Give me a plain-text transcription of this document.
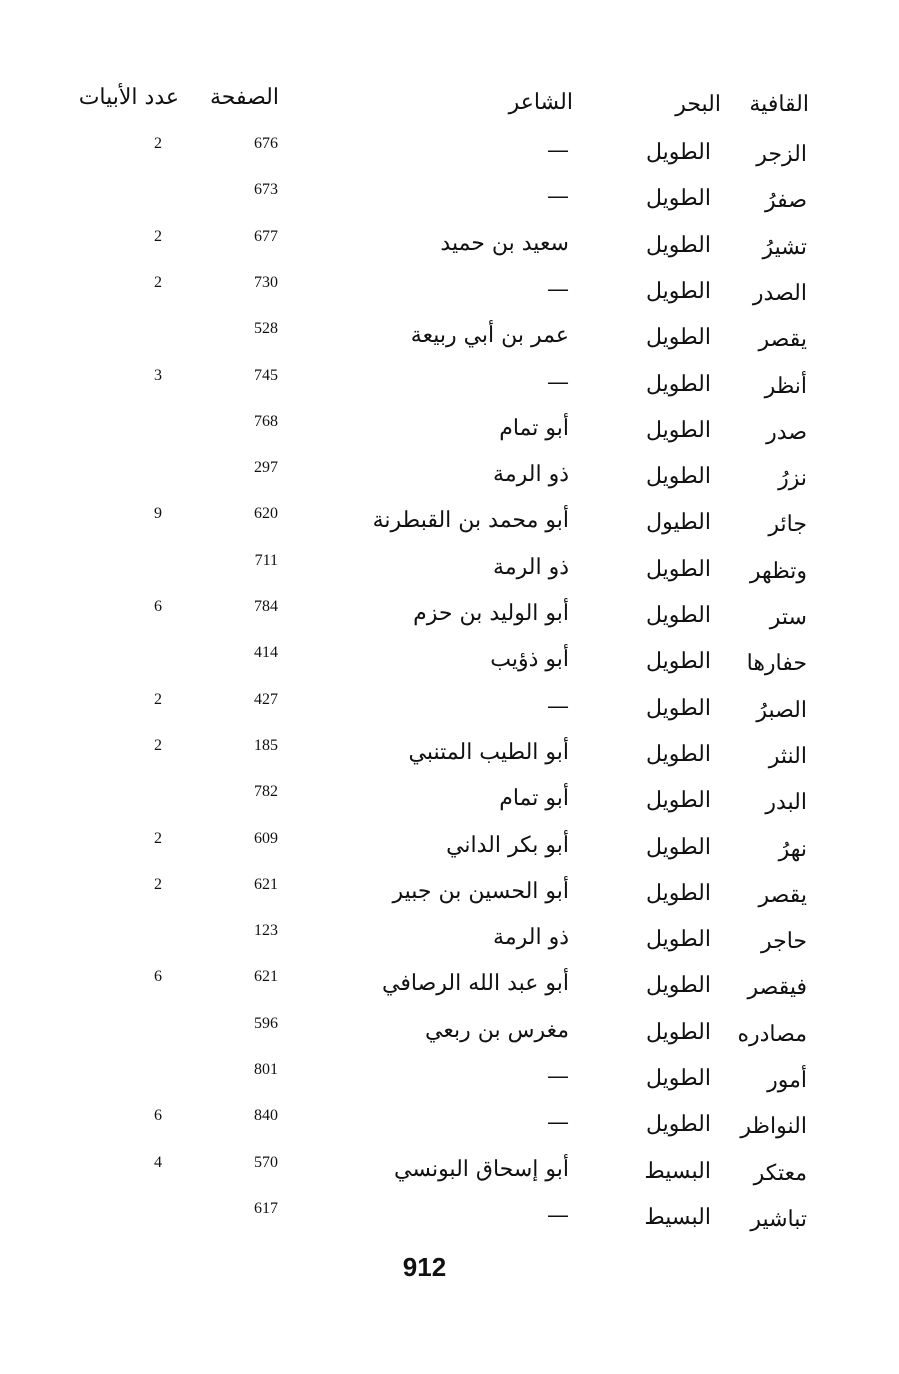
القافية
البحر
الشاعر
الصفحة
عدد الأبيات
الزجر
الطويل
—
676
2
صفرُ
الطويل
—
673
تشيرُ
الطويل
سعيد بن حميد
677
2
الصدر
الطويل
—
730
2
يقصر
الطويل
عمر بن أبي ربيعة
528
أنظر
الطويل
—
745
3
صدر
الطويل
أبو تمام
768
نزرُ
الطويل
ذو الرمة
297
جائر
الطيول
أبو محمد بن القبطرنة
620
9
وتظهر
الطويل
ذو الرمة
711
ستر
الطويل
أبو الوليد بن حزم
784
6
حفارها
الطويل
أبو ذؤيب
414
الصبرُ
الطويل
—
427
2
النثر
الطويل
أبو الطيب المتنبي
185
2
البدر
الطويل
أبو تمام
782
نهرُ
الطويل
أبو بكر الداني
609
2
يقصر
الطويل
أبو الحسين بن جبير
621
2
حاجر
الطويل
ذو الرمة
123
فيقصر
الطويل
أبو عبد الله الرصافي
621
6
مصادره
الطويل
مغرس بن ربعي
596
أمور
الطويل
—
801
النواظر
الطويل
—
840
6
معتكر
البسيط
أبو إسحاق البونسي
570
4
تباشير
البسيط
—
617
912
